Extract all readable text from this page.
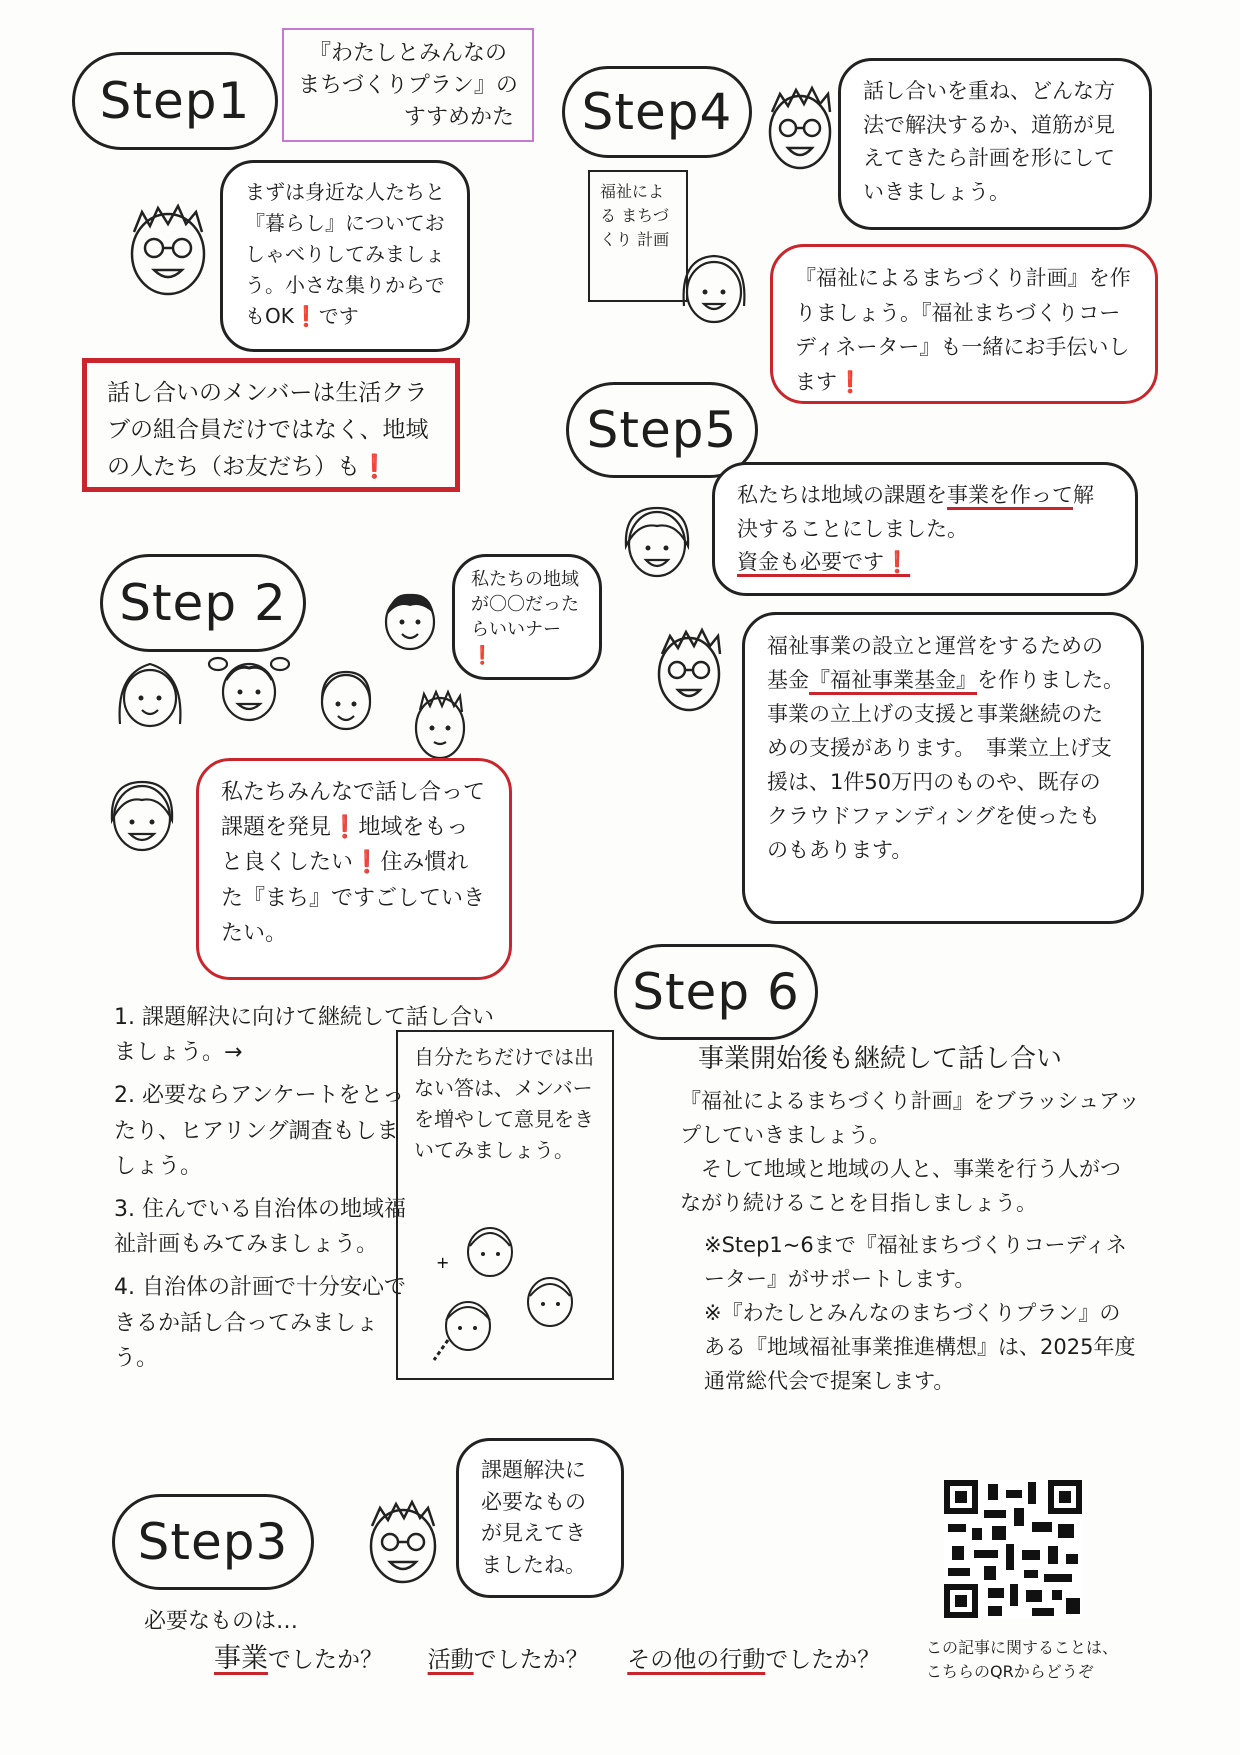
Step1
『わたしとみんなの
まちづくりプラン』の
すすめかた
まずは身近な人たちと『暮らし』についておしゃべりしてみましょう。小さな集りからでもOK❗です
話し合いのメンバーは生活クラブの組合員だけではなく、地域の人たち（お友だち）も❗
Step 2	私たちの地域が〇〇だったらいいナー❗
私たちみんなで話し合って課題を発見❗地域をもっと良くしたい❗住み慣れた『まち』ですごしていきたい。
1. 課題解決に向けて継続して話し合いましょう。→
2. 必要ならアンケートをとったり、ヒアリング調査もしましょう。
3. 住んでいる自治体の地域福祉計画もみてみましょう。
4. 自治体の計画で十分安心できるか話し合ってみましょう。
自分たちだけでは出ない答は、メンバーを増やして意見をきいてみましょう。
+
Step3
課題解決に必要なものが見えてきましたね。
必要なものは…
事業でしたか？ 活動でしたか？ その他の行動でしたか？
Step4	話し合いを重ね、どんな方法で解決するか、道筋が見えてきたら計画を形にしていきましょう。
福祉による まちづくり 計画
『福祉によるまちづくり計画』を作りましょう。『福祉まちづくりコーディネーター』も一緒にお手伝いします❗
Step5
私たちは地域の課題を事業を作って解決することにしました。
資金も必要です❗
福祉事業の設立と運営をするための基金『福祉事業基金』を作りました。　事業の立上げの支援と事業継続のための支援があります。　事業立上げ支援は、1件50万円のものや、既存のクラウドファンディングを使ったものもあります。
Step 6
事業開始後も継続して話し合い
『福祉によるまちづくり計画』をブラッシュアップしていきましょう。
そして地域と地域の人と、事業を行う人がつながり続けることを目指しましょう。
※Step1~6まで『福祉まちづくりコーディネーター』がサポートします。
※『わたしとみんなのまちづくりプラン』のある『地域福祉事業推進構想』は、2025年度通常総代会で提案します。
この記事に関することは、こちらのQRからどうぞ
